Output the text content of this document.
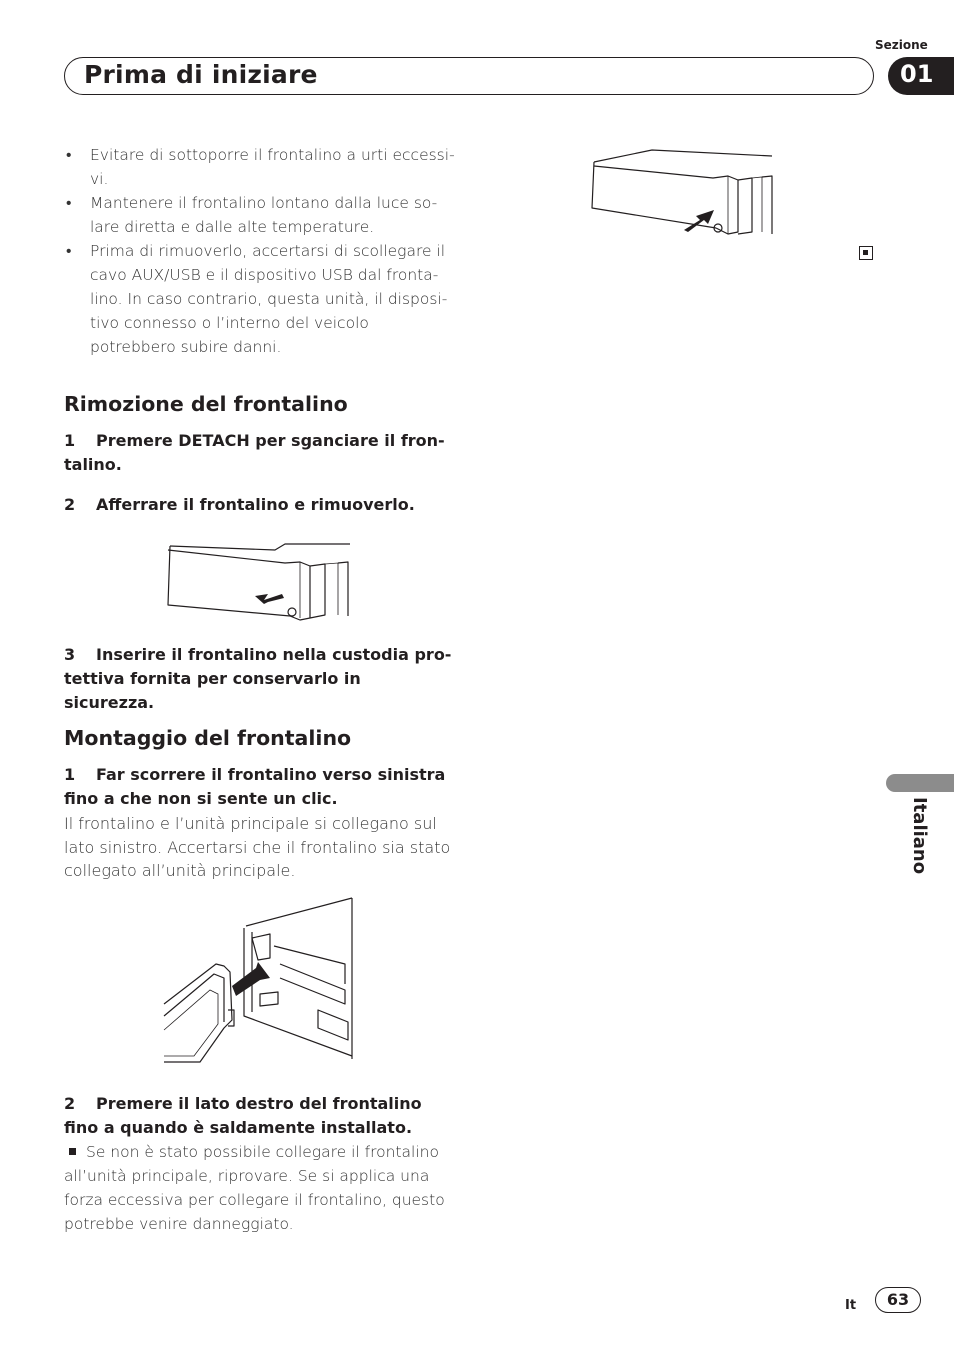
Sezione
Prima di iniziare	01
• Evitare di sottoporre il frontalino a urti eccessi-vi.
• Mantenere il frontalino lontano dalla luce so-lare diretta e dalle alte temperature.
• Prima di rimuoverlo, accertarsi di scollegare il cavo AUX/USB e il dispositivo USB dal fronta-lino. In caso contrario, questa unità, il disposi-tivo connesso o l’interno del veicolo potrebbero subire danni.
Rimozione del frontalino
1 Premere DETACH per sganciare il fron-talino.
2 Afferrare il frontalino e rimuoverlo.
3 Inserire il frontalino nella custodia pro-tettiva fornita per conservarlo in sicurezza.
Montaggio del frontalino
1 Far scorrere il frontalino verso sinistra fino a che non si sente un clic.
Il frontalino e l’unità principale si collegano sul lato sinistro. Accertarsi che il frontalino sia stato collegato all’unità principale.
2 Premere il lato destro del frontalino fino a quando è saldamente installato.
Se non è stato possibile collegare il frontalino all’unità principale, riprovare. Se si applica una forza eccessiva per collegare il frontalino, questo potrebbe venire danneggiato.
Italiano
It	63
